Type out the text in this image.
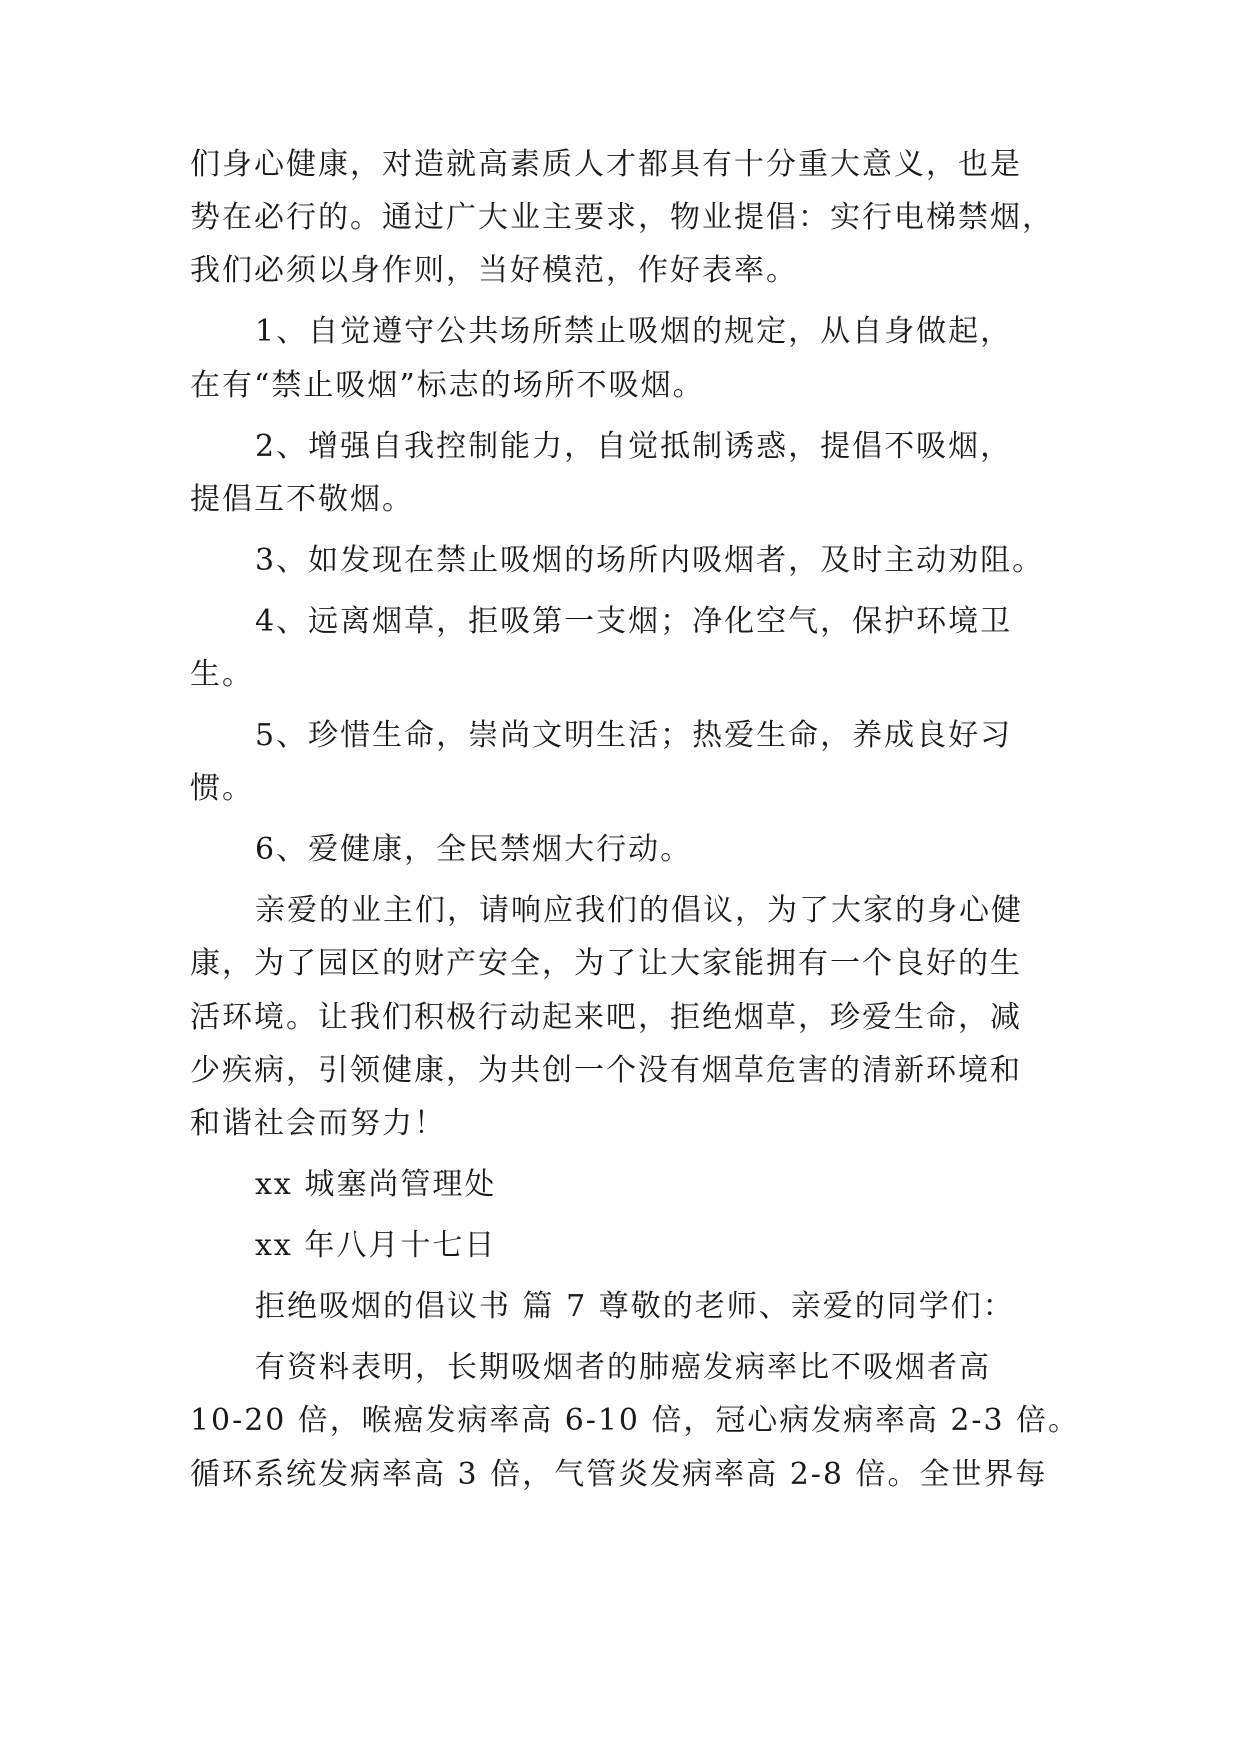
们身心健康，对造就高素质人才都具有十分重大意义，也是
势在必行的。通过广大业主要求，物业提倡：实行电梯禁烟，
我们必须以身作则，当好模范，作好表率。
1、自觉遵守公共场所禁止吸烟的规定，从自身做起，
在有“禁止吸烟”标志的场所不吸烟。
2、增强自我控制能力，自觉抵制诱惑，提倡不吸烟，
提倡互不敬烟。
3、如发现在禁止吸烟的场所内吸烟者，及时主动劝阻。
4、远离烟草，拒吸第一支烟；净化空气，保护环境卫
生。
5、珍惜生命，崇尚文明生活；热爱生命，养成良好习
惯。
6、爱健康，全民禁烟大行动。
亲爱的业主们，请响应我们的倡议，为了大家的身心健
康，为了园区的财产安全，为了让大家能拥有一个良好的生
活环境。让我们积极行动起来吧，拒绝烟草，珍爱生命，减
少疾病，引领健康，为共创一个没有烟草危害的清新环境和
和谐社会而努力！
xx 城塞尚管理处
xx 年八月十七日
拒绝吸烟的倡议书 篇 7 尊敬的老师、亲爱的同学们：
有资料表明，长期吸烟者的肺癌发病率比不吸烟者高
10-20 倍，喉癌发病率高 6-10 倍，冠心病发病率高 2-3 倍。
循环系统发病率高 3 倍，气管炎发病率高 2-8 倍。全世界每
